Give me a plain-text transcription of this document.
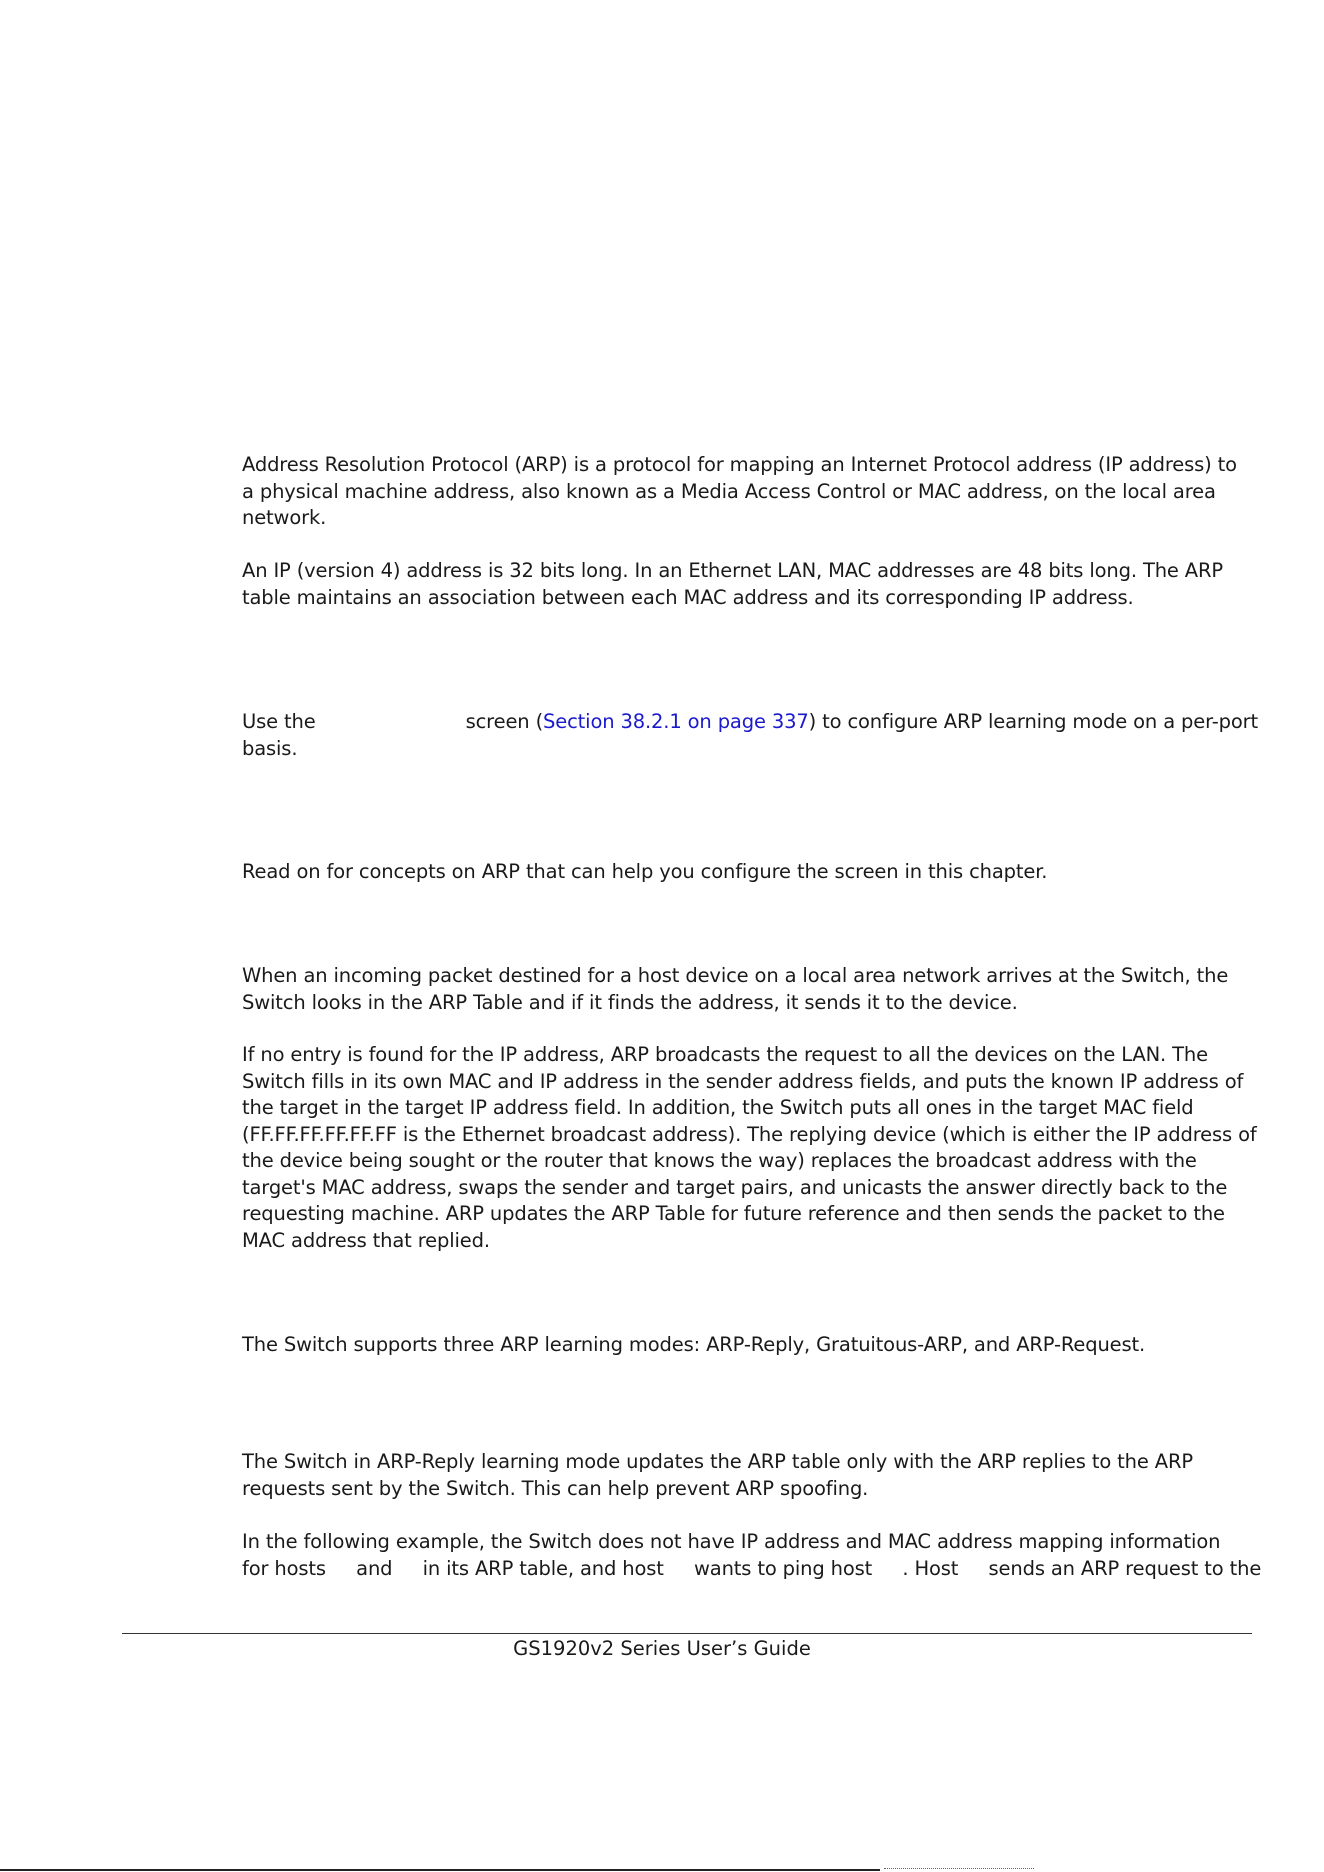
Address Resolution Protocol (ARP) is a protocol for mapping an Internet Protocol address (IP address) to
a physical machine address, also known as a Media Access Control or MAC address, on the local area
network.
An IP (version 4) address is 32 bits long. In an Ethernet LAN, MAC addresses are 48 bits long. The ARP
table maintains an association between each MAC address and its corresponding IP address.
Use the	screen (Section 38.2.1 on page 337) to configure ARP learning mode on a per-port
basis.
Read on for concepts on ARP that can help you configure the screen in this chapter.
When an incoming packet destined for a host device on a local area network arrives at the Switch, the
Switch looks in the ARP Table and if it finds the address, it sends it to the device.
If no entry is found for the IP address, ARP broadcasts the request to all the devices on the LAN. The
Switch fills in its own MAC and IP address in the sender address fields, and puts the known IP address of
the target in the target IP address field. In addition, the Switch puts all ones in the target MAC field
(FF.FF.FF.FF.FF.FF is the Ethernet broadcast address). The replying device (which is either the IP address of
the device being sought or the router that knows the way) replaces the broadcast address with the
target's MAC address, swaps the sender and target pairs, and unicasts the answer directly back to the
requesting machine. ARP updates the ARP Table for future reference and then sends the packet to the
MAC address that replied.
The Switch supports three ARP learning modes: ARP-Reply, Gratuitous-ARP, and ARP-Request.
The Switch in ARP-Reply learning mode updates the ARP table only with the ARP replies to the ARP
requests sent by the Switch. This can help prevent ARP spoofing.
In the following example, the Switch does not have IP address and MAC address mapping information
for hosts     and     in its ARP table, and host     wants to ping host     . Host     sends an ARP request to the
GS1920v2 Series User’s Guide
